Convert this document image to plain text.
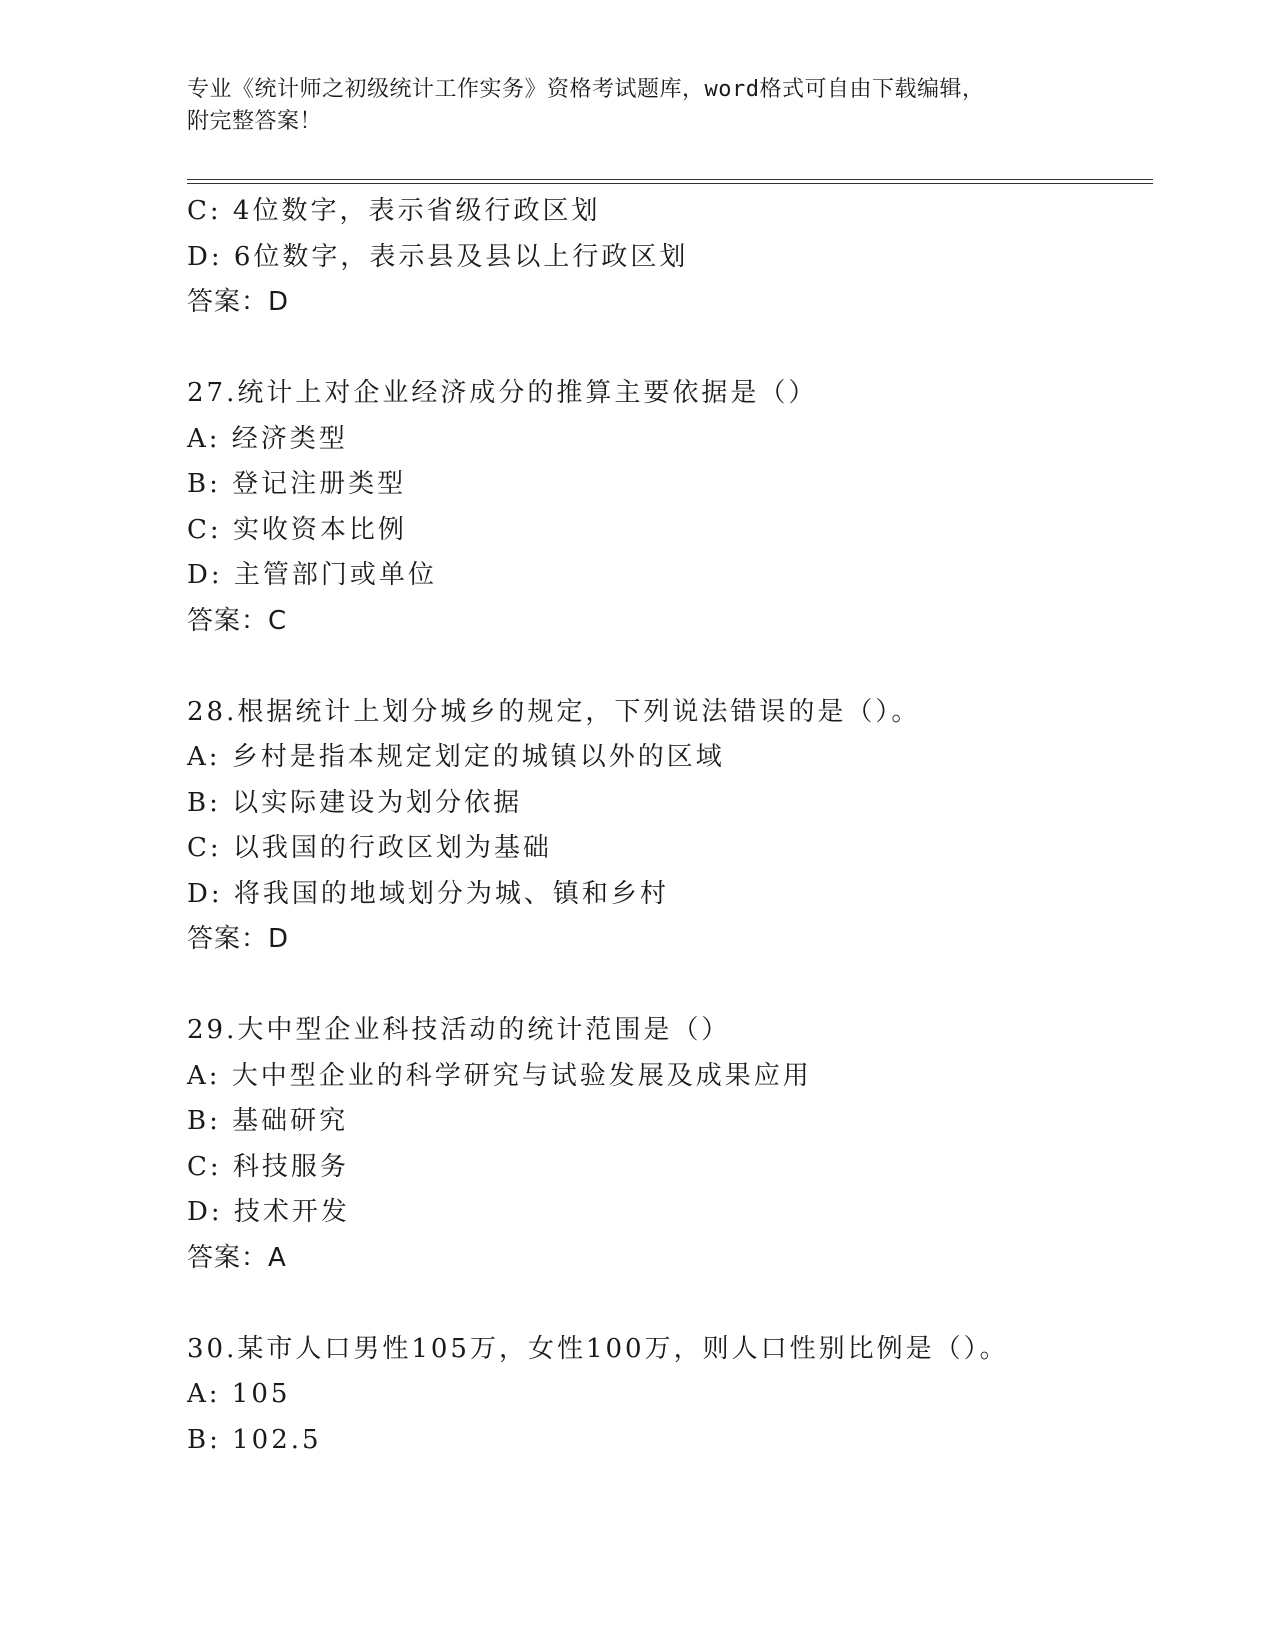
专业《统计师之初级统计工作实务》资格考试题库，word格式可自由下载编辑，
附完整答案！
C: 4位数字，表示省级行政区划
D: 6位数字，表示县及县以上行政区划
答案：D
27.统计上对企业经济成分的推算主要依据是（）
A: 经济类型
B: 登记注册类型
C: 实收资本比例
D: 主管部门或单位
答案：C
28.根据统计上划分城乡的规定，下列说法错误的是（）。
A: 乡村是指本规定划定的城镇以外的区域
B: 以实际建设为划分依据
C: 以我国的行政区划为基础
D: 将我国的地域划分为城、镇和乡村
答案：D
29.大中型企业科技活动的统计范围是（）
A: 大中型企业的科学研究与试验发展及成果应用
B: 基础研究
C: 科技服务
D: 技术开发
答案：A
30.某市人口男性105万，女性100万，则人口性别比例是（）。
A: 105
B: 102.5
